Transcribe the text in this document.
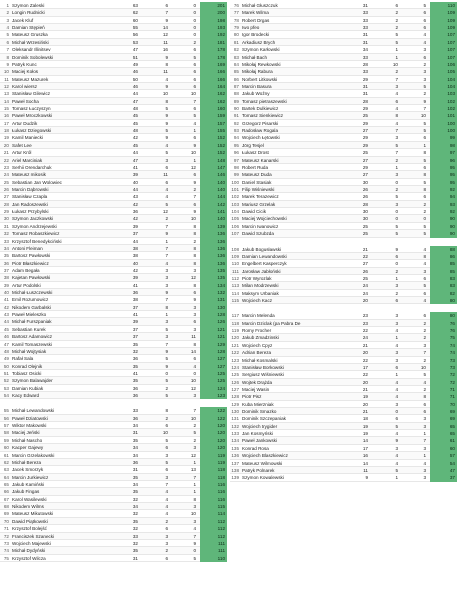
1 Szymon Zaleski	63	6	0	201
2 Longin Rudnicki	62	7	0	200
3 Jacek Kluf	60	9	0	198
4 Damian Stępień	55	14	0	193
5 Mateusz Gruszka	56	12	0	192
6 Michał Wrzesiński	53	11	2	181
7 Oleksandr Illinitsev	47	16	6	178
8 Dominik Sobolewski	51	9	5	178
9 Patryk Kunc	49	8	6	169
10 Maciej Kołos	46	11	6	166
11 Mateusz Mazurek	50	4	6	166
12 Karol wiersz	46	9	6	164
13 Stanisław Gilewicz	44	10	10	162
14 Paweł Socha	47	8	7	162
15 Tomasz Łuczyszyn	48	5	6	160
16 Paweł Mroczkowski	45	9	5	159
17 Artur Dudzik	45	9	4	157
18 Łukasz Dziegowski	48	5	1	155
19 Kamil Maniecki	42	9	6	152
20 Safet Lee	45	4	9	152
21 Artur Król	44	5	10	152
22 Ariel Marciniak	47	3	1	148
23 Serhii Orendarchuk	41	6	12	147
24 Mateusz mikosik	39	11	6	146
25 Sebastian Jan Wolowiec	40	6	9	140
26 Marcin Dąbrowski	44	4	2	140
27 Stanisław Czapla	43	4	7	144
28 Jan Radoszewski	42	5	6	142
29 Łukasz Przybylski	36	12	9	141
30 Szymon Jaczkowski	42	2	10	140
31 Szymon Andrzejewski	39	7	8	139
32 Tomasz Robaszkiewicz	37	9	8	136
33 Krzysztof Benedykciński	44	1	2	136
34 Antoni Fleiman	38	7	8	136
35 Bartosz Pawłowski	38	7	8	136
36 Piotr Błaszkiewicz	40	4	8	136
37 Adam Begała	42	3	3	135
38 Kajetan Pawłowski	39	3	12	135
39 Artur Podolski	41	3	8	134
40 Michał Łuszczewski	36	9	6	132
41 Emil Rozumowicz	38	7	9	131
42 Nikodem Garbalski	37	8	3	130
43 Paweł Mieleszko	41	1	3	128
44 Michał Furszpaniak	39	3	6	126
45 Sebastian Kurek	37	5	3	121
46 Bartosz Adamowicz	37	3	11	121
47 Kamil Tomaszewski	35	7	8	129
48 Michał Wojtysiak	32	9	14	128
49 Rafał Sala	36	5	6	127
50 Konrad Olejnik	35	9	4	127
51 Tobiasz Osicki	41	0	0	125
52 Szymon Balawajder	35	5	10	125
53 Damian Kubiak	36	2	12	124
54 Kacy Edward	36	5	3	123
55 Michał Lewandowski	33	8	7	122
56 Paweł Dziatowski	36	2	10	122
57 Wiktor Makowski	34	6	2	120
58 Maciej Jeński	31	10	5	120
59 Michał Nascho	35	5	2	120
60 Kacper Gajewy	34	6	3	120
61 Marcin Grzelakowski	34	3	12	119
62 Michał Bereza	36	5	1	119
63 Jacek Smorzyk	31	6	13	118
64 Marcin Jurkiewicz	35	3	7	118
65 Jakub Kamiński	34	7	1	116
66 Jakub Fingas	35	4	1	116
67 Karol Wasilewski	32	4	8	116
68 Nikodem Wilms	34	4	3	115
69 Mateusz Mikutowski	32	4	10	114
70 Dawid Piątkowski	35	2	3	112
71 Krzysztof Bolejść	32	6	4	112
72 Franciszek Szanecki	33	3	7	112
73 Wojciech Majewski	32	3	9	111
74 Michał Dydyński	35	2	0	111
75 Krzysztof Wilcza	31	6	5	110
76 Michał Głuszczuk	31	6	5	110
77 Marek Wilma	33	2	6	109
78 Robert Drgas	33	2	6	109
79 Iwo pfeo	33	2	6	109
80 Igor Brodecki	31	5	4	107
81 Arkadiusz Brych	31	5	4	107
82 Szymon Karłowski	34	1	3	107
83 Michał Bach	33	1	6	107
84 Mikołaj Rewkowski	28	10	2	106
85 Mikołaj Rabura	33	2	3	105
86 Norbert Litkowski	29	7	3	104
87 Marcin Basura	31	3	5	104
88 Jakub Woźny	31	4	2	103
89 Tomasz pietraszewski	28	6	9	102
90 Bartek Dulkiewicz	29	4	7	102
91 Tomasz Sienkiewicz	25	8	10	101
92 Grzegorz Pisarski	29	4	5	100
93 Radosław Rogala	27	7	5	100
94 Wojciech Łętowski	29	3	6	99
95 Jörg Tesjel	29	5	1	98
96 Łukasz Drost	25	7	8	97
97 Mateusz Kanarski	27	2	5	96
98 Robert Ruda	29	1	6	95
99 Mateusz Duda	27	3	8	95
100 Daniel Stasiak	30	0	5	95
101 Filip Wiśniewski	26	2	8	92
102 Marek Terazewicz	26	5	6	94
103 Mariusz Grzelak	28	3	2	93
104 Dawid Cicik	30	0	2	92
105 Maciej Wojciechowski	30	0	0	90
106 Marcin Iwanowicz	25	5	5	90
107 Dawid Szubzda	25	5	5	90
108 Jakub Bogusławski	21	9	4	88
109 Damian Lewandowski	22	6	8	86
110 Engelbert Kasperczyk	27	0	4	85
111 Jarosław Jabłoński	26	2	3	85
112 Piotr Wyrozlak	25	1	6	83
113 Milan Modrzewski	24	3	5	83
114 Maksym Urbaniak	24	2	6	82
115 Wojciech Kacz	20	6	4	80
117 Marcin Melenda	23	3	6	80
118 Marcin Dziclak (pa Pabra De	23	3	2	76
119 Romy Frocher	22	4	2	76
120 Jakub Zmadzinski	24	1	2	75
121 Wojciech Cpyz	21	4	3	74
122 Adrian Bereza	20	3	7	74
123 Michał Kosmalski	22	3	2	73
124 Stanisław Borkowski	17	6	10	73
125 Sergiusz Wiśniewski	22	1	5	72
126 Wojtek Drążda	20	4	4	72
127 Maciej Wasin	21	4	2	71
128 Piotr Pisz	19	4	8	71
129 Kuba Mierzniak	20	3	6	70
130 Dominik Smazko	21	0	6	69
131 Dominik Szczepaniak	18	6	3	69
132 Wojciech trygider	19	5	3	65
133 Jan Kosmyński	19	4	1	65
134 Paweł Jankowski	14	9	7	61
135 Konrad Rosa	17	3	3	60
136 Wojciech Blaszkiewicz	16	4	1	57
137 Mateusz Wilmowski	14	4	4	54
138 Patryk Polnarek	11	5	3	47
139 Szymon Kowalewski	9	1	3	37
